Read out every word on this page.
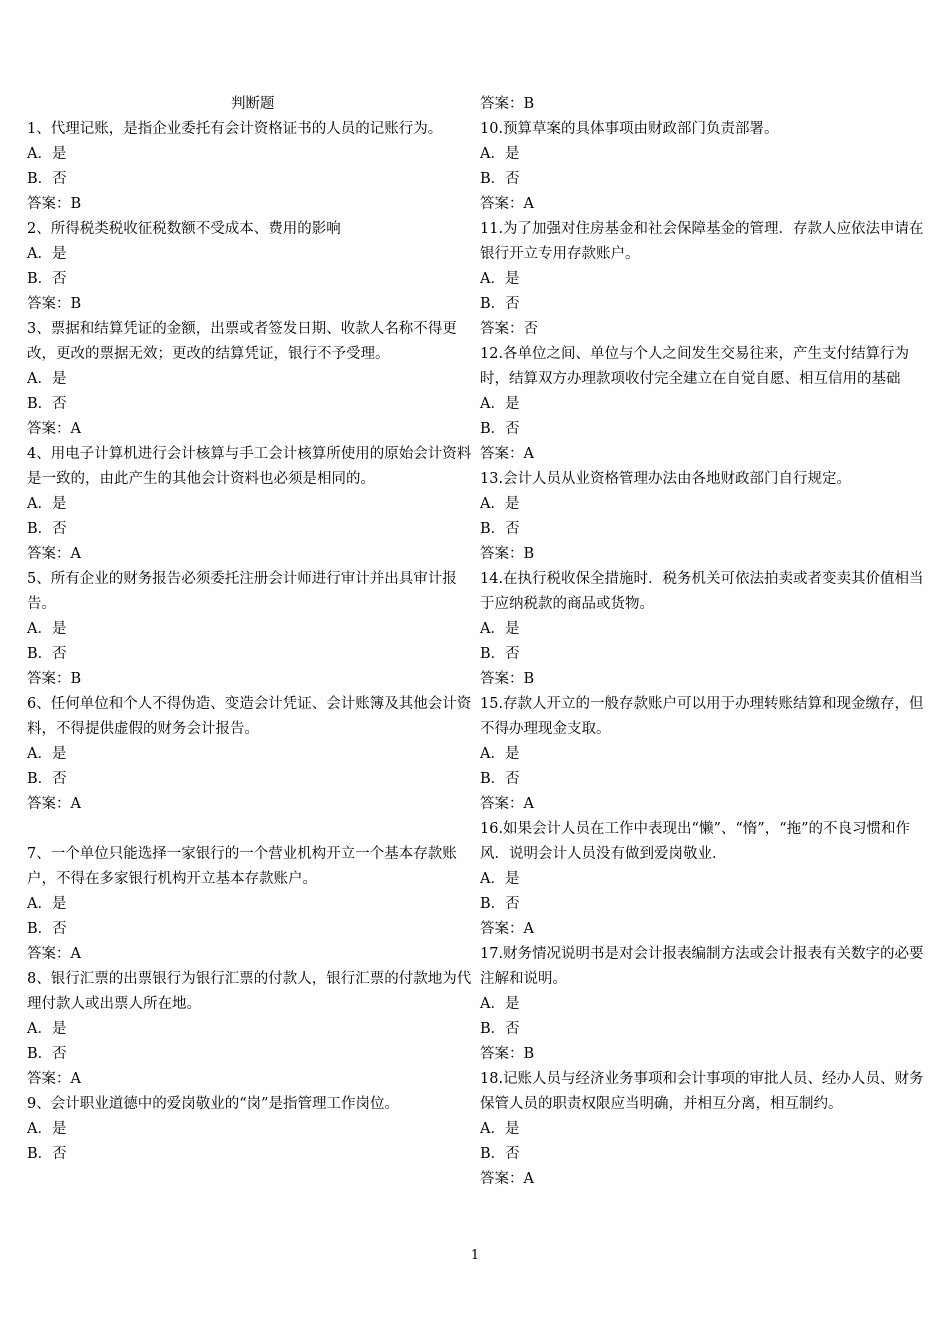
判断题
1、代理记账，是指企业委托有会计资格证书的人员的记账行为。
A．是
B．否
答案：B
2、所得税类税收征税数额不受成本、费用的影响
A．是
B．否
答案：B
3、票据和结算凭证的金额，出票或者签发日期、收款人名称不得更改，更改的票据无效；更改的结算凭证，银行不予受理。
A．是
B．否
答案：A
4、用电子计算机进行会计核算与手工会计核算所使用的原始会计资料是一致的，由此产生的其他会计资料也必须是相同的。
A．是
B．否
答案：A
5、所有企业的财务报告必须委托注册会计师进行审计并出具审计报告。
A．是
B．否
答案：B
6、任何单位和个人不得伪造、变造会计凭证、会计账簿及其他会计资料，不得提供虚假的财务会计报告。
A．是
B．否
答案：A
7、一个单位只能选择一家银行的一个营业机构开立一个基本存款账户，不得在多家银行机构开立基本存款账户。
A．是
B．否
答案：A
8、银行汇票的出票银行为银行汇票的付款人，银行汇票的付款地为代理付款人或出票人所在地。
A．是
B．否
答案：A
9、会计职业道德中的爱岗敬业的“岗”是指管理工作岗位。
A．是
B．否
答案：B
10.预算草案的具体事项由财政部门负责部署。
A．是
B．否
答案：A
11.为了加强对住房基金和社会保障基金的管理．存款人应依法申请在银行开立专用存款账户。
A．是
B．否
答案：否
12.各单位之间、单位与个人之间发生交易往来，产生支付结算行为时，结算双方办理款项收付完全建立在自觉自愿、相互信用的基础
A．是
B．否
答案：A
13.会计人员从业资格管理办法由各地财政部门自行规定。
A．是
B．否
答案：B
14.在执行税收保全措施时．税务机关可依法拍卖或者变卖其价值相当于应纳税款的商品或货物。
A．是
B．否
答案：B
15.存款人开立的一般存款账户可以用于办理转账结算和现金缴存，但不得办理现金支取。
A．是
B．否
答案：A
16.如果会计人员在工作中表现出“懒”、“惰”，“拖”的不良习惯和作风．说明会计人员没有做到爱岗敬业．
A．是
B．否
答案：A
17.财务情况说明书是对会计报表编制方法或会计报表有关数字的必要注解和说明。
A．是
B．否
答案：B
18.记账人员与经济业务事项和会计事项的审批人员、经办人员、财务保管人员的职责权限应当明确，并相互分离，相互制约。
A．是
B．否
答案：A
1
